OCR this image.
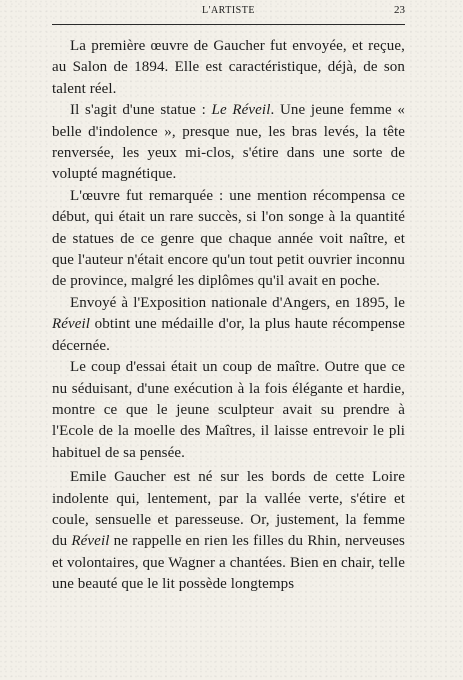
L'ARTISTE	23

La première œuvre de Gaucher fut envoyée, et reçue, au Salon de 1894. Elle est caractéristique, déjà, de son talent réel.

Il s'agit d'une statue : Le Réveil. Une jeune femme « belle d'indolence », presque nue, les bras levés, la tête renversée, les yeux mi-clos, s'étire dans une sorte de volupté magnétique.

L'œuvre fut remarquée : une mention récompensa ce début, qui était un rare succès, si l'on songe à la quantité de statues de ce genre que chaque année voit naître, et que l'auteur n'était encore qu'un tout petit ouvrier inconnu de province, malgré les diplômes qu'il avait en poche.

Envoyé à l'Exposition nationale d'Angers, en 1895, le Réveil obtint une médaille d'or, la plus haute récompense décernée.

Le coup d'essai était un coup de maître. Outre que ce nu séduisant, d'une exécution à la fois élégante et hardie, montre ce que le jeune sculpteur avait su prendre à l'Ecole de la moelle des Maîtres, il laisse entrevoir le pli habituel de sa pensée.

Emile Gaucher est né sur les bords de cette Loire indolente qui, lentement, par la vallée verte, s'étire et coule, sensuelle et paresseuse. Or, justement, la femme du Réveil ne rappelle en rien les filles du Rhin, nerveuses et volontaires, que Wagner a chantées. Bien en chair, telle une beauté que le lit possède longtemps
